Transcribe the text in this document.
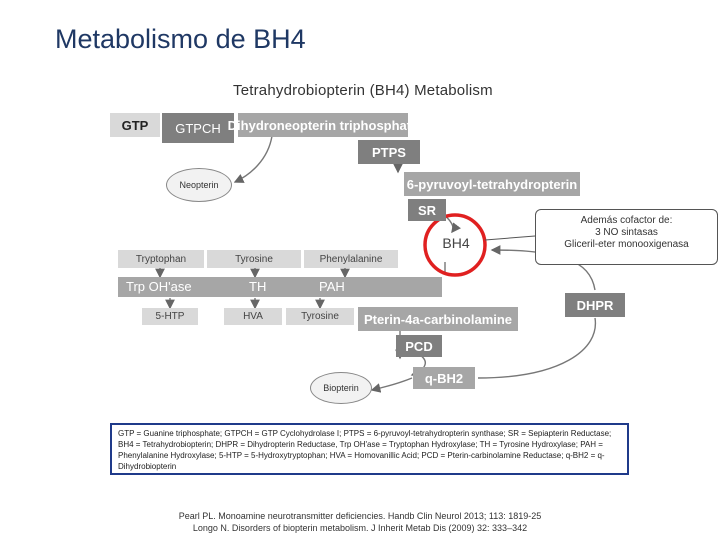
Metabolismo de BH4
Tetrahydrobiopterin (BH4) Metabolism
GTP GTPCH Dihydroneopterin triphosphate
PTPS
Neopterin	6-pyruvoyl-tetrahydropterin
SR
BH4
Tryptophan	Tyrosine	Phenylalanine
Trp OH'ase	TH	PAH
5-HTP	HVA	Tyrosine Pterin-4a-carbinolamine
DHPR
PCD
q-BH2
Biopterin
GTP = Guanine triphosphate; GTPCH = GTP Cyclohydrolase I; PTPS = 6-pyruvoyl-tetrahydropterin synthase; SR = Sepiapterin Reductase; BH4 = Tetrahydrobiopterin; DHPR = Dihydropterin Reductase, Trp OH'ase = Tryptophan Hydroxylase; TH = Tyrosine Hydroxylase; PAH = Phenylalanine Hydroxylase; 5-HTP = 5-Hydroxytryptophan; HVA = Homovanillic Acid; PCD = Pterin-carbinolamine Reductase; q-BH2 = q-Dihydrobiopterin
Además cofactor de:
3 NO sintasas
Gliceril-eter monooxigenasa
Pearl PL. Monoamine neurotransmitter deficiencies. Handb Clin Neurol 2013; 113: 1819-25
Longo N. Disorders of biopterin metabolism. J Inherit Metab Dis (2009) 32: 333–342
